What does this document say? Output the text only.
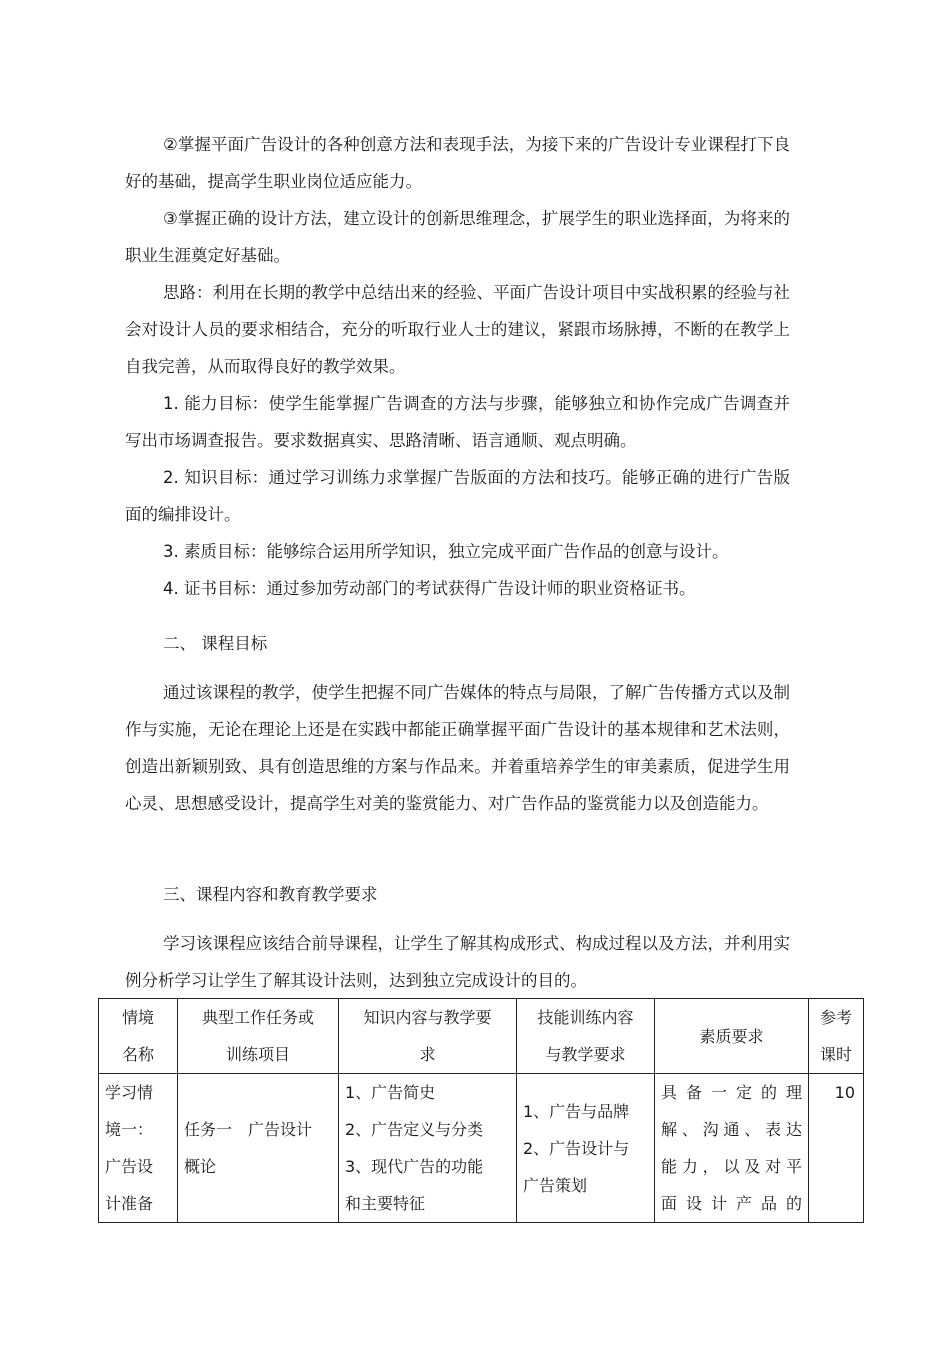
②掌握平面广告设计的各种创意方法和表现手法，为接下来的广告设计专业课程打下良好的基础，提高学生职业岗位适应能力。

③掌握正确的设计方法，建立设计的创新思维理念，扩展学生的职业选择面，为将来的职业生涯奠定好基础。

思路：利用在长期的教学中总结出来的经验、平面广告设计项目中实战积累的经验与社会对设计人员的要求相结合，充分的听取行业人士的建议，紧跟市场脉搏，不断的在教学上自我完善，从而取得良好的教学效果。

1. 能力目标：使学生能掌握广告调查的方法与步骤，能够独立和协作完成广告调查并写出市场调查报告。要求数据真实、思路清晰、语言通顺、观点明确。

2. 知识目标：通过学习训练力求掌握广告版面的方法和技巧。能够正确的进行广告版面的编排设计。

3. 素质目标：能够综合运用所学知识，独立完成平面广告作品的创意与设计。

4. 证书目标：通过参加劳动部门的考试获得广告设计师的职业资格证书。

二、 课程目标

通过该课程的教学，使学生把握不同广告媒体的特点与局限，了解广告传播方式以及制作与实施，无论在理论上还是在实践中都能正确掌握平面广告设计的基本规律和艺术法则，创造出新颖别致、具有创造思维的方案与作品来。并着重培养学生的审美素质，促进学生用心灵、思想感受设计，提高学生对美的鉴赏能力、对广告作品的鉴赏能力以及创造能力。

三、课程内容和教育教学要求

学习该课程应该结合前导课程，让学生了解其构成形式、构成过程以及方法，并利用实例分析学习让学生了解其设计法则，达到独立完成设计的目的。

情境
名称	典型工作任务或
训练项目	知识内容与教学要
求	技能训练内容
与教学要求	素质要求	参考
课时

学习情
境一：
广告设
计准备	任务一　广告设计
概论	1、广告简史
2、广告定义与分类
3、现代广告的功能
和主要特征	1、广告与品牌
2、广告设计与
广告策划	具备一定的理
解、沟通、表达
能力，以及对平
面设计产品的	10
